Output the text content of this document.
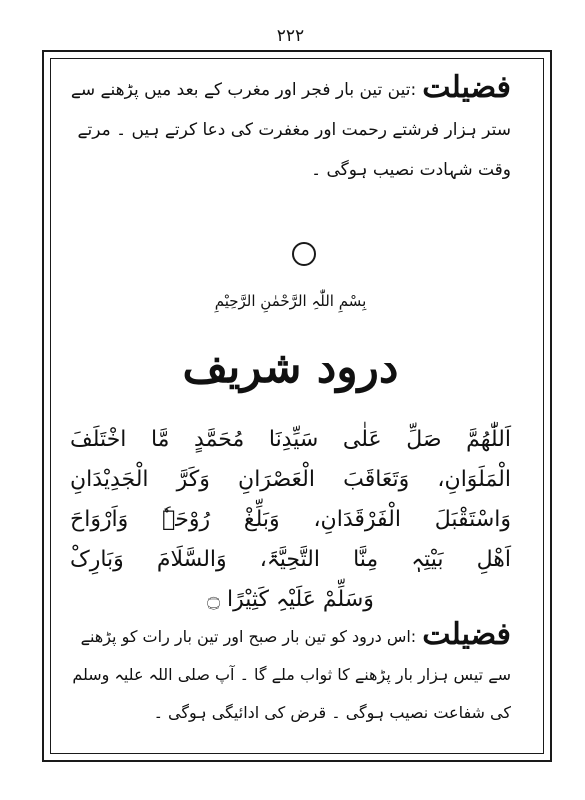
۲۲۲
فضیلت:تین تین بار فجر اور مغرب کے بعد میں پڑھنے سے ستر ہزار فرشتے رحمت اور مغفرت کی دعا کرتے ہیں ۔ مرتے وقت شہادت نصیب ہوگی ۔
بِسْمِ اللّٰہِ الرَّحْمٰنِ الرَّحِیْمِ
درود شریف
اَللّٰھُمَّ صَلِّ عَلٰی سَیِّدِنَا مُحَمَّدٍ مَّا اخْتَلَفَ
الْمَلَوَانِ، وَتَعَاقَبَ الْعَصْرَانِ وَکَرَّ الْجَدِیْدَانِ
وَاسْتَقْبَلَ الْفَرْقَدَانِ، وَبَلِّغْ رُوْحَہٗ وَاَرْوَاحَ
اَھْلِ بَیْتِہٖ مِنَّا التَّحِیَّۃَ، وَالسَّلَامَ وَبَارِکْ
وَسَلِّمْ عَلَیْہِ کَثِیْرًا ۝
فضیلت:اس درود کو تین بار صبح اور تین بار رات کو پڑھنے سے تیس ہزار بار پڑھنے کا ثواب ملے گا ۔ آپ صلی اللہ علیہ وسلم کی شفاعت نصیب ہوگی ۔ قرض کی ادائیگی ہوگی ۔
